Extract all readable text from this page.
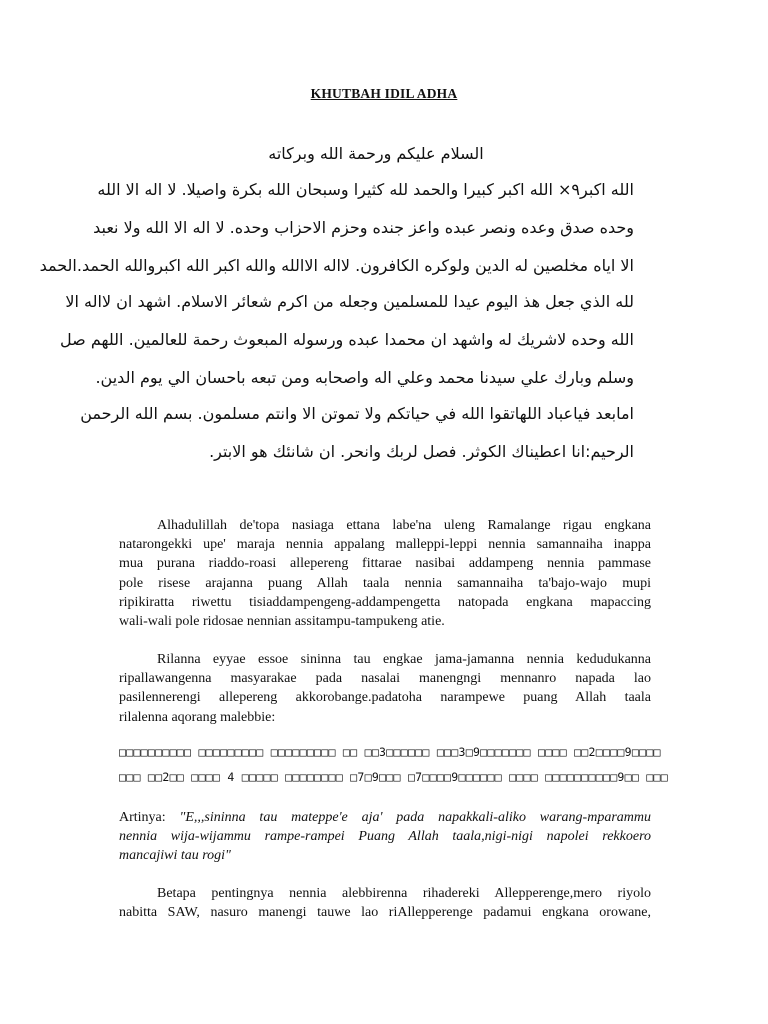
KHUTBAH IDIL ADHA
السلام عليكم ورحمة الله وبركاته
الله اكبر٩× الله اكبر كبيرا والحمد لله كثيرا وسبحان الله بكرة واصيلا. لا اله الا الله
وحده صدق وعده ونصر عبده واعز جنده وحزم الاحزاب وحده. لا اله الا الله ولا نعبد
الا اياه مخلصين له الدين ولوكره الكافرون. لااله الاالله والله اكبر الله اكبروالله الحمد.الحمد
لله الذي جعل هذ اليوم عيدا للمسلمين وجعله من اكرم شعائر الاسلام. اشهد ان لااله الا
الله وحده لاشريك له واشهد ان محمدا عبده ورسوله المبعوث رحمة للعالمين. اللهم صل
وسلم وبارك علي سيدنا محمد وعلي اله واصحابه ومن تبعه باحسان الي يوم الدين.
امابعد فياعباد اللهاتقوا الله في حياتكم ولا تموتن الا وانتم مسلمون. بسم الله الرحمن
الرحيم:انا اعطيناك الكوثر. فصل لربك وانحر. ان شانئك هو الابتر.
Alhadulillah de'topa nasiaga ettana labe'na uleng Ramalange rigau engkana
natarongekki upe' maraja nennia appalang malleppi-leppi nennia samannaiha inappa
mua purana riaddo-roasi allepereng fittarae nasibai addampeng nennia pammase
pole risese arajanna puang Allah taala nennia samannaiha ta'bajo-wajo mupi
ripikiratta riwettu tisiaddampengeng-addampengetta natopada engkana mapaccing
wali-wali pole ridosae nennian assitampu-tampukeng atie.
Rilanna eyyae essoe sininna tau engkae jama-jamanna nennia kedudukanna
ripallawangenna masyarakae pada nasalai manengngi mennanro napada lao
pasilennerengi allepereng akkorobange.padatoha narampewe puang Allah taala
rilalenna aqorang malebbie:
□□□□□□□□□□ □□□□□□□□□ □□□□□□□□□ □□ □□3□□□□□□ □□□3□9□□□□□□□ □□□□ □□2□□□□9□□□□
□□□ □□2□□ □□□□ 4 □□□□□ □□□□□□□□ □7□9□□□ □7□□□□9□□□□□□ □□□□ □□□□□□□□□□9□□ □□□
Artinya: "E,,,sininna tau mateppe'e aja' pada napakkali-aliko warang-mparammu
nennia wija-wijammu rampe-rampei Puang Allah taala,nigi-nigi napolei rekkoero
mancajiwi tau rogi"
Betapa pentingnya nennia alebbirenna rihadereki Allepperenge,mero riyolo
nabitta SAW, nasuro manengi tauwe lao riAllepperenge padamui engkana orowane,
